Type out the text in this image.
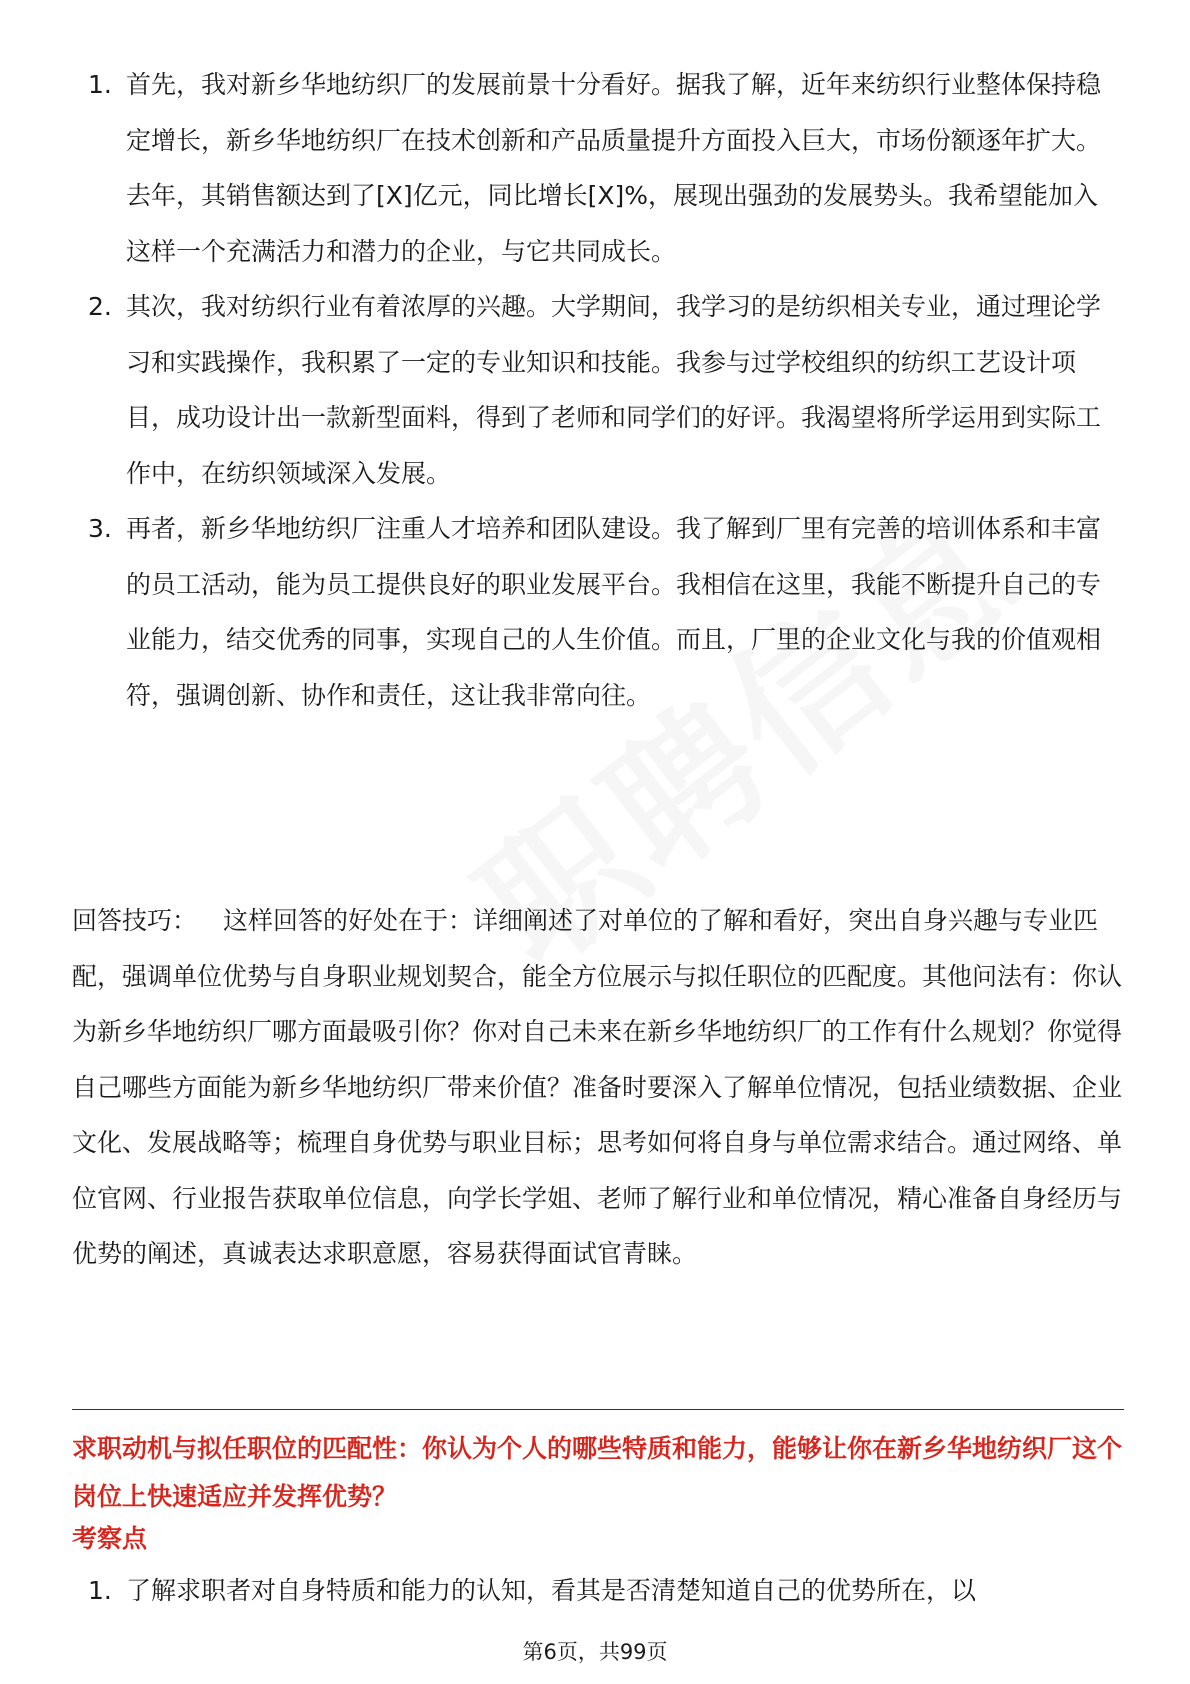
1. 首先，我对新乡华地纺织厂的发展前景十分看好。据我了解，近年来纺织行业整体保持稳定增长，新乡华地纺织厂在技术创新和产品质量提升方面投入巨大，市场份额逐年扩大。去年，其销售额达到了[X]亿元，同比增长[X]%，展现出强劲的发展势头。我希望能加入这样一个充满活力和潜力的企业，与它共同成长。
2. 其次，我对纺织行业有着浓厚的兴趣。大学期间，我学习的是纺织相关专业，通过理论学习和实践操作，我积累了一定的专业知识和技能。我参与过学校组织的纺织工艺设计项目，成功设计出一款新型面料，得到了老师和同学们的好评。我渴望将所学运用到实际工作中，在纺织领域深入发展。
3. 再者，新乡华地纺织厂注重人才培养和团队建设。我了解到厂里有完善的培训体系和丰富的员工活动，能为员工提供良好的职业发展平台。我相信在这里，我能不断提升自己的专业能力，结交优秀的同事，实现自己的人生价值。而且，厂里的企业文化与我的价值观相符，强调创新、协作和责任，这让我非常向往。

回答技巧： 这样回答的好处在于：详细阐述了对单位的了解和看好，突出自身兴趣与专业匹配，强调单位优势与自身职业规划契合，能全方位展示与拟任职位的匹配度。其他问法有：你认为新乡华地纺织厂哪方面最吸引你？你对自己未来在新乡华地纺织厂的工作有什么规划？你觉得自己哪些方面能为新乡华地纺织厂带来价值？准备时要深入了解单位情况，包括业绩数据、企业文化、发展战略等；梳理自身优势与职业目标；思考如何将自身与单位需求结合。通过网络、单位官网、行业报告获取单位信息，向学长学姐、老师了解行业和单位情况，精心准备自身经历与优势的阐述，真诚表达求职意愿，容易获得面试官青睐。

求职动机与拟任职位的匹配性：你认为个人的哪些特质和能力，能够让你在新乡华地纺织厂这个岗位上快速适应并发挥优势？

考察点

1. 了解求职者对自身特质和能力的认知，看其是否清楚知道自己的优势所在，以
第6页，共99页
